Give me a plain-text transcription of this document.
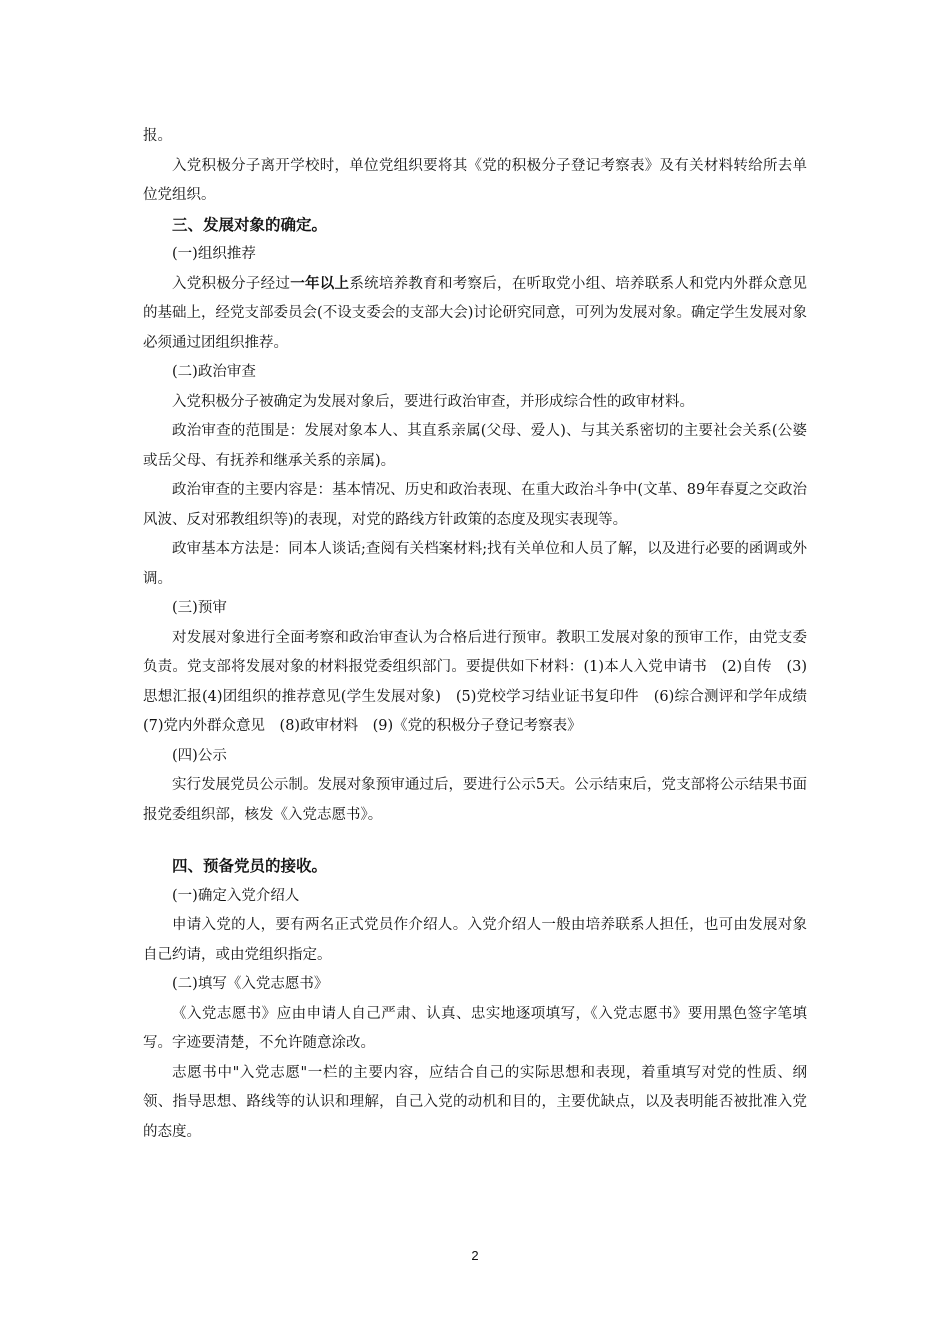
报。

入党积极分子离开学校时，单位党组织要将其《党的积极分子登记考察表》及有关材料转给所去单位党组织。

三、发展对象的确定。

(一)组织推荐

入党积极分子经过一年以上系统培养教育和考察后，在听取党小组、培养联系人和党内外群众意见的基础上，经党支部委员会(不设支委会的支部大会)讨论研究同意，可列为发展对象。确定学生发展对象必须通过团组织推荐。

(二)政治审查

入党积极分子被确定为发展对象后，要进行政治审查，并形成综合性的政审材料。

政治审查的范围是：发展对象本人、其直系亲属(父母、爱人)、与其关系密切的主要社会关系(公婆或岳父母、有抚养和继承关系的亲属)。

政治审查的主要内容是：基本情况、历史和政治表现、在重大政治斗争中(文革、89年春夏之交政治风波、反对邪教组织等)的表现，对党的路线方针政策的态度及现实表现等。

政审基本方法是：同本人谈话;查阅有关档案材料;找有关单位和人员了解，以及进行必要的函调或外调。

(三)预审

对发展对象进行全面考察和政治审查认为合格后进行预审。教职工发展对象的预审工作，由党支委负责。党支部将发展对象的材料报党委组织部门。要提供如下材料：(1)本人入党申请书　(2)自传　(3)思想汇报(4)团组织的推荐意见(学生发展对象)　(5)党校学习结业证书复印件　(6)综合测评和学年成绩　(7)党内外群众意见　(8)政审材料　(9)《党的积极分子登记考察表》

(四)公示

实行发展党员公示制。发展对象预审通过后，要进行公示5天。公示结束后，党支部将公示结果书面报党委组织部，核发《入党志愿书》。

四、预备党员的接收。

(一)确定入党介绍人

申请入党的人，要有两名正式党员作介绍人。入党介绍人一般由培养联系人担任，也可由发展对象自己约请，或由党组织指定。

(二)填写《入党志愿书》

《入党志愿书》应由申请人自己严肃、认真、忠实地逐项填写，《入党志愿书》要用黑色签字笔填写。字迹要清楚，不允许随意涂改。

志愿书中"入党志愿"一栏的主要内容，应结合自己的实际思想和表现，着重填写对党的性质、纲领、指导思想、路线等的认识和理解，自己入党的动机和目的，主要优缺点，以及表明能否被批准入党的态度。

2
